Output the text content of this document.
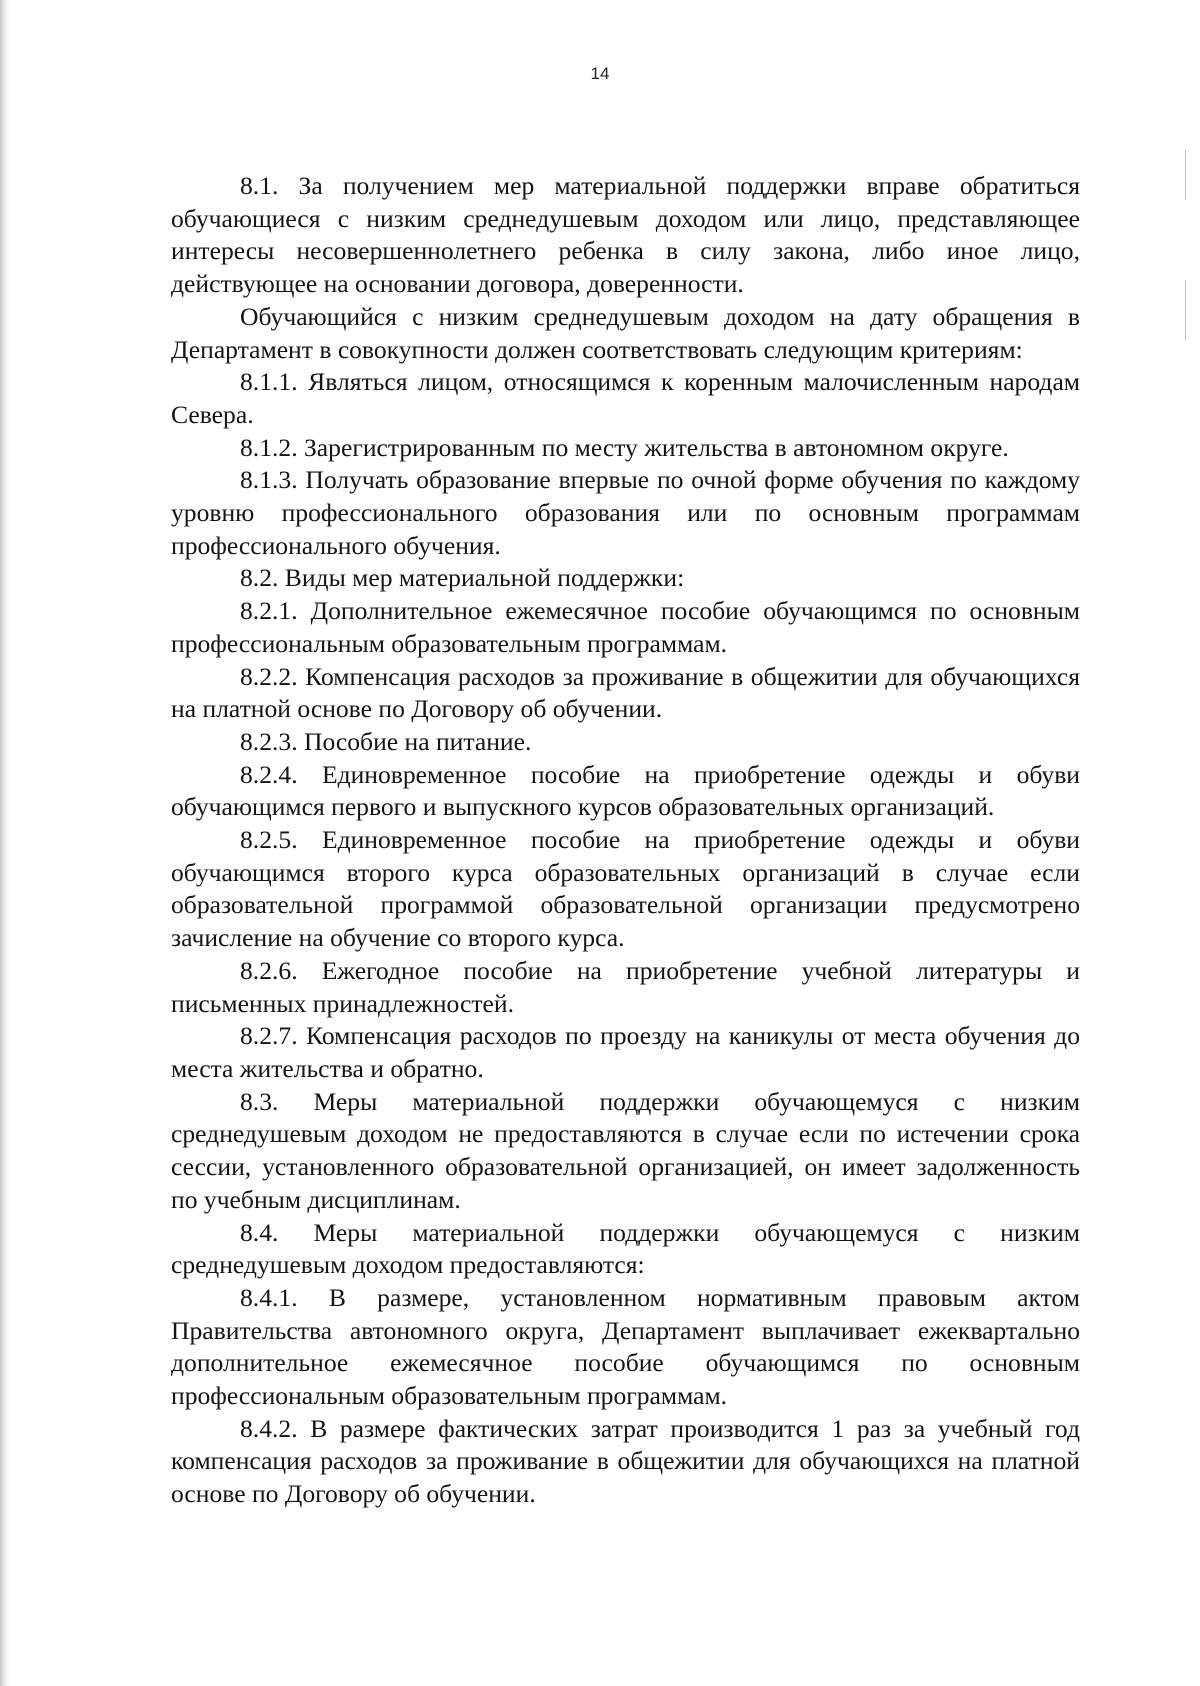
14

8.1. За получением мер материальной поддержки вправе обратиться обучающиеся с низким среднедушевым доходом или лицо, представляющее интересы несовершеннолетнего ребенка в силу закона, либо иное лицо, действующее на основании договора, доверенности.

Обучающийся с низким среднедушевым доходом на дату обращения в Департамент в совокупности должен соответствовать следующим критериям:

8.1.1. Являться лицом, относящимся к коренным малочисленным народам Севера.

8.1.2. Зарегистрированным по месту жительства в автономном округе.

8.1.3. Получать образование впервые по очной форме обучения по каждому уровню профессионального образования или по основным программам профессионального обучения.

8.2. Виды мер материальной поддержки:

8.2.1. Дополнительное ежемесячное пособие обучающимся по основным профессиональным образовательным программам.

8.2.2. Компенсация расходов за проживание в общежитии для обучающихся на платной основе по Договору об обучении.

8.2.3. Пособие на питание.

8.2.4. Единовременное пособие на приобретение одежды и обуви обучающимся первого и выпускного курсов образовательных организаций.

8.2.5. Единовременное пособие на приобретение одежды и обуви обучающимся второго курса образовательных организаций в случае если образовательной программой образовательной организации предусмотрено зачисление на обучение со второго курса.

8.2.6. Ежегодное пособие на приобретение учебной литературы и письменных принадлежностей.

8.2.7. Компенсация расходов по проезду на каникулы от места обучения до места жительства и обратно.

8.3. Меры материальной поддержки обучающемуся с низким среднедушевым доходом не предоставляются в случае если по истечении срока сессии, установленного образовательной организацией, он имеет задолженность по учебным дисциплинам.

8.4. Меры материальной поддержки обучающемуся с низким среднедушевым доходом предоставляются:

8.4.1. В размере, установленном нормативным правовым актом Правительства автономного округа, Департамент выплачивает ежеквартально дополнительное ежемесячное пособие обучающимся по основным профессиональным образовательным программам.

8.4.2. В размере фактических затрат производится 1 раз за учебный год компенсация расходов за проживание в общежитии для обучающихся на платной основе по Договору об обучении.
